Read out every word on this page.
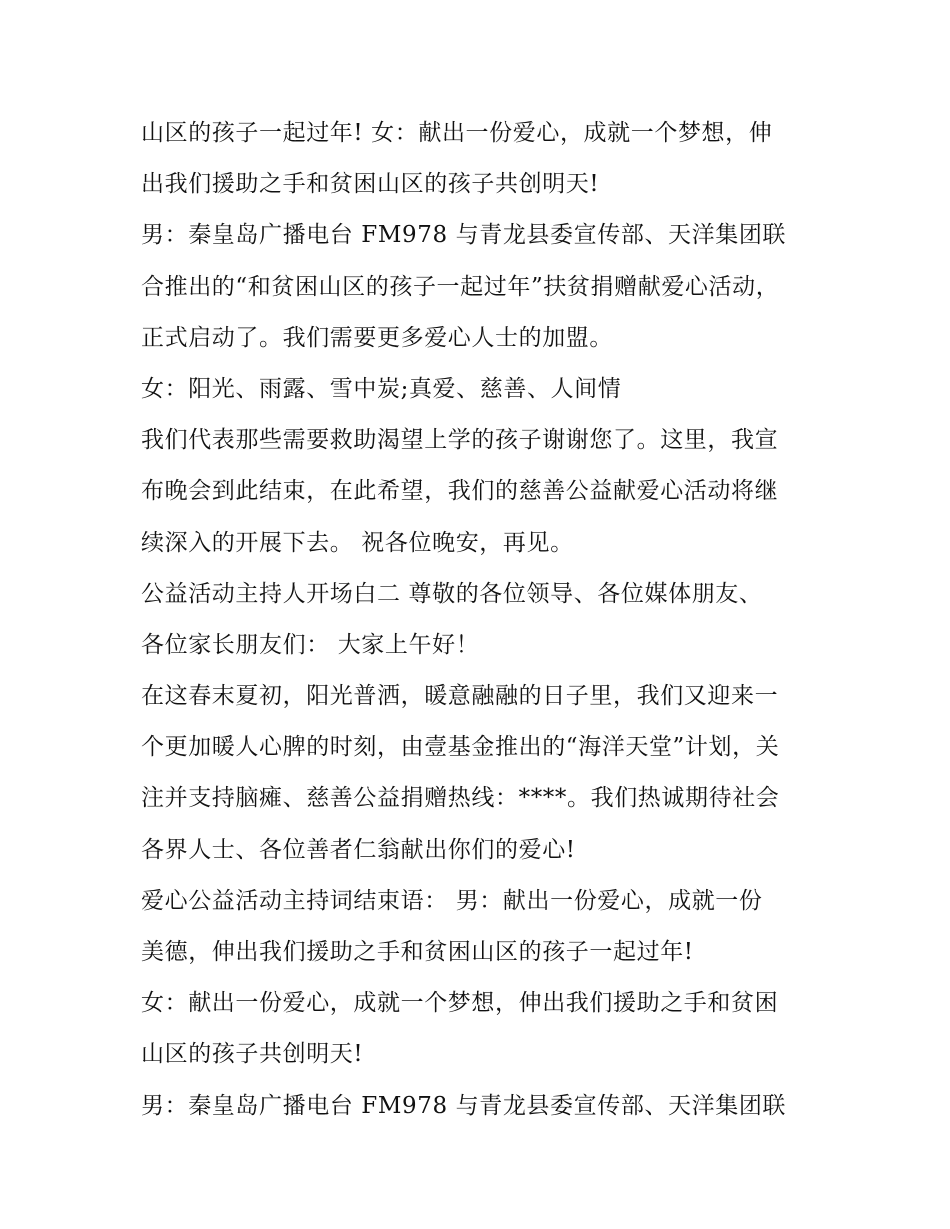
山区的孩子一起过年! 女：献出一份爱心，成就一个梦想，伸
出我们援助之手和贫困山区的孩子共创明天!
男：秦皇岛广播电台 FM978 与青龙县委宣传部、天洋集团联
合推出的“和贫困山区的孩子一起过年”扶贫捐赠献爱心活动，
正式启动了。我们需要更多爱心人士的加盟。
女：阳光、雨露、雪中炭;真爱、慈善、人间情
我们代表那些需要救助渴望上学的孩子谢谢您了。这里，我宣
布晚会到此结束，在此希望，我们的慈善公益献爱心活动将继
续深入的开展下去。 祝各位晚安，再见。
公益活动主持人开场白二 尊敬的各位领导、各位媒体朋友、
各位家长朋友们： 大家上午好！
在这春末夏初，阳光普洒，暖意融融的日子里，我们又迎来一
个更加暖人心脾的时刻，由壹基金推出的“海洋天堂”计划，关
注并支持脑瘫、慈善公益捐赠热线：****。我们热诚期待社会
各界人士、各位善者仁翁献出你们的爱心!
爱心公益活动主持词结束语： 男：献出一份爱心，成就一份
美德，伸出我们援助之手和贫困山区的孩子一起过年!
女：献出一份爱心，成就一个梦想，伸出我们援助之手和贫困
山区的孩子共创明天!
男：秦皇岛广播电台 FM978 与青龙县委宣传部、天洋集团联
